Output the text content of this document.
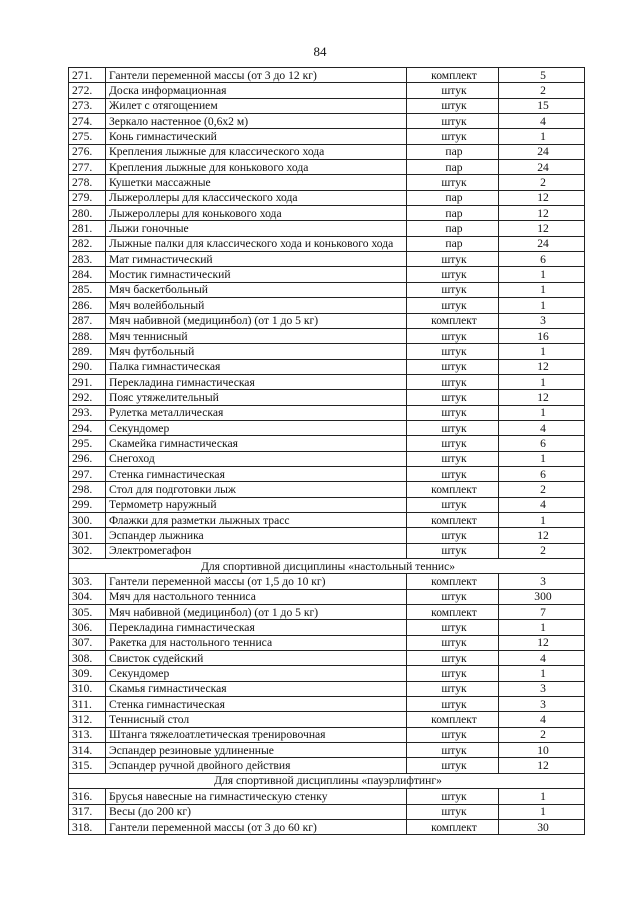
84
271.	Гантели переменной массы (от 3 до 12 кг)	комплект	5
272.	Доска информационная	штук	2
273.	Жилет с отягощением	штук	15
274.	Зеркало настенное (0,6x2 м)	штук	4
275.	Конь гимнастический	штук	1
276.	Крепления лыжные для классического хода	пар	24
277.	Крепления лыжные для конькового хода	пар	24
278.	Кушетки массажные	штук	2
279.	Лыжероллеры для классического хода	пар	12
280.	Лыжероллеры для конькового хода	пар	12
281.	Лыжи гоночные	пар	12
282.	Лыжные палки для классического хода и конькового хода	пар	24
283.	Мат гимнастический	штук	6
284.	Мостик гимнастический	штук	1
285.	Мяч баскетбольный	штук	1
286.	Мяч волейбольный	штук	1
287.	Мяч набивной (медицинбол) (от 1 до 5 кг)	комплект	3
288.	Мяч теннисный	штук	16
289.	Мяч футбольный	штук	1
290.	Палка гимнастическая	штук	12
291.	Перекладина гимнастическая	штук	1
292.	Пояс утяжелительный	штук	12
293.	Рулетка металлическая	штук	1
294.	Секундомер	штук	4
295.	Скамейка гимнастическая	штук	6
296.	Снегоход	штук	1
297.	Стенка гимнастическая	штук	6
298.	Стол для подготовки лыж	комплект	2
299.	Термометр наружный	штук	4
300.	Флажки для разметки лыжных трасс	комплект	1
301.	Эспандер лыжника	штук	12
302.	Электромегафон	штук	2
Для спортивной дисциплины «настольный теннис»			
303.	Гантели переменной массы (от 1,5 до 10 кг)	комплект	3
304.	Мяч для настольного тенниса	штук	300
305.	Мяч набивной (медицинбол) (от 1 до 5 кг)	комплект	7
306.	Перекладина гимнастическая	штук	1
307.	Ракетка для настольного тенниса	штук	12
308.	Свисток судейский	штук	4
309.	Секундомер	штук	1
310.	Скамья гимнастическая	штук	3
311.	Стенка гимнастическая	штук	3
312.	Теннисный стол	комплект	4
313.	Штанга тяжелоатлетическая тренировочная	штук	2
314.	Эспандер резиновые удлиненные	штук	10
315.	Эспандер ручной двойного действия	штук	12
Для спортивной дисциплины «пауэрлифтинг»			
316.	Брусья навесные на гимнастическую стенку	штук	1
317.	Весы (до 200 кг)	штук	1
318.	Гантели переменной массы (от 3 до 60 кг)	комплект	30
